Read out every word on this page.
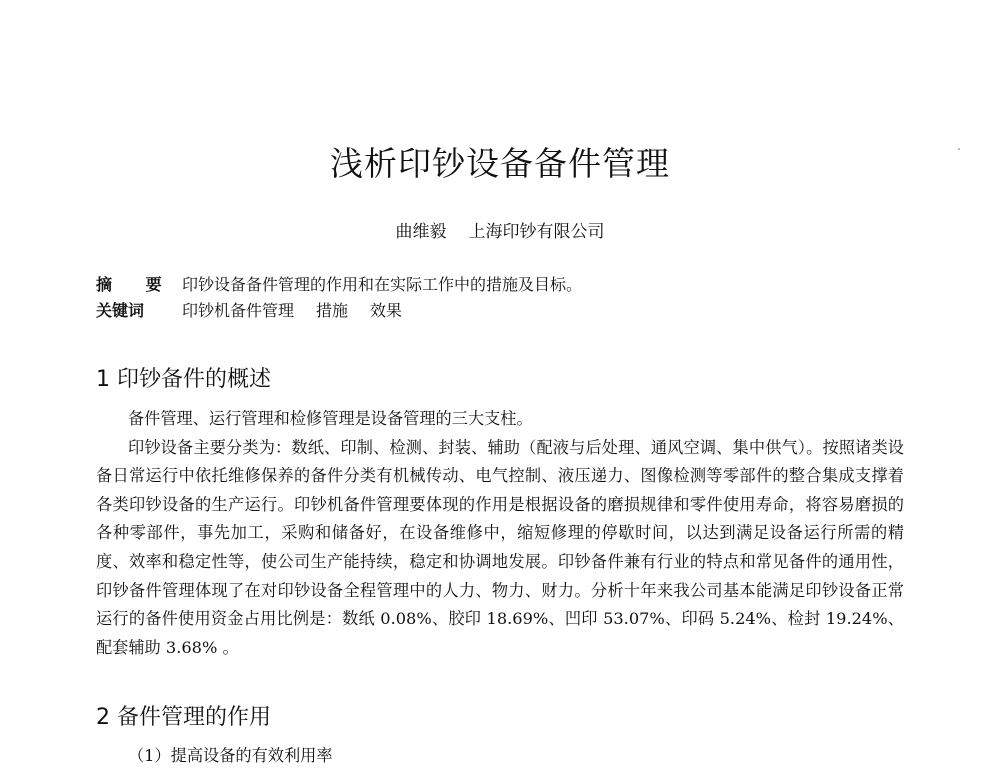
浅析印钞设备备件管理
曲维毅 上海印钞有限公司
摘 要 印钞设备备件管理的作用和在实际工作中的措施及目标。
关键词 印钞机备件管理 措施 效果
1 印钞备件的概述

备件管理、运行管理和检修管理是设备管理的三大支柱。

印钞设备主要分类为：数纸、印制、检测、封装、辅助（配液与后处理、通风空调、集中供气）。按照诸类设备日常运行中依托维修保养的备件分类有机械传动、电气控制、液压递力、图像检测等零部件的整合集成支撑着各类印钞设备的生产运行。印钞机备件管理要体现的作用是根据设备的磨损规律和零件使用寿命，将容易磨损的各种零部件，事先加工，采购和储备好，在设备维修中，缩短修理的停歇时间，以达到满足设备运行所需的精度、效率和稳定性等，使公司生产能持续，稳定和协调地发展。印钞备件兼有行业的特点和常见备件的通用性，印钞备件管理体现了在对印钞设备全程管理中的人力、物力、财力。分析十年来我公司基本能满足印钞设备正常运行的备件使用资金占用比例是：数纸 0.08%、胶印 18.69%、凹印 53.07%、印码 5.24%、检封 19.24%、配套辅助 3.68% 。

2 备件管理的作用
（1）提高设备的有效利用率
